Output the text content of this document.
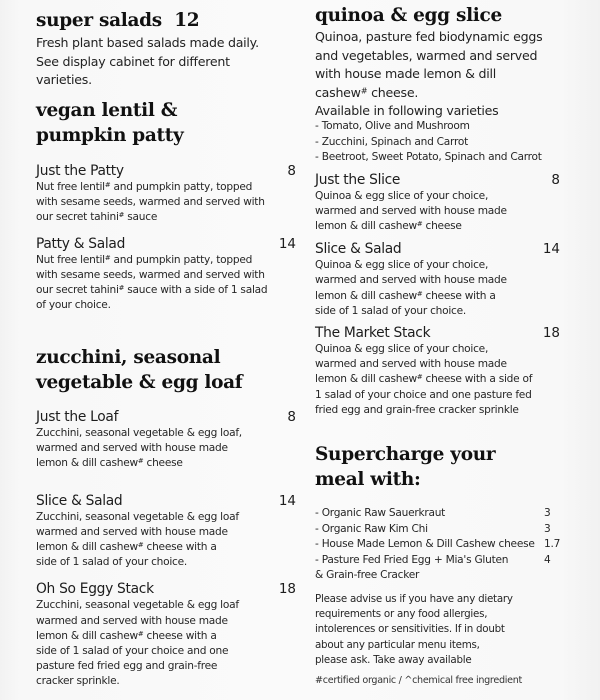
super salads  12
Fresh plant based salads made daily.
See display cabinet for different
varieties.
vegan lentil &
pumpkin patty
Just the Patty	8
Nut free lentil# and pumpkin patty, topped
with sesame seeds, warmed and served with
our secret tahini# sauce
Patty & Salad	14
Nut free lentil# and pumpkin patty, topped
with sesame seeds, warmed and served with
our secret tahini# sauce with a side of 1 salad
of your choice.
zucchini, seasonal
vegetable & egg loaf
Just the Loaf	8
Zucchini, seasonal vegetable & egg loaf,
warmed and served with house made
lemon & dill cashew# cheese
Slice & Salad	14
Zucchini, seasonal vegetable & egg loaf
warmed and served with house made
lemon & dill cashew# cheese with a
side of 1 salad of your choice.
Oh So Eggy Stack	18
Zucchini, seasonal vegetable & egg loaf
warmed and served with house made
lemon & dill cashew# cheese with a
side of 1 salad of your choice and one
pasture fed fried egg and grain-free
cracker sprinkle.
quinoa & egg slice
Quinoa, pasture fed biodynamic eggs
and vegetables, warmed and served
with house made lemon & dill
cashew# cheese.
Available in following varieties
- Tomato, Olive and Mushroom
- Zucchini, Spinach and Carrot
- Beetroot, Sweet Potato, Spinach and Carrot
Just the Slice	8
Quinoa & egg slice of your choice,
warmed and served with house made
lemon & dill cashew# cheese
Slice & Salad	14
Quinoa & egg slice of your choice,
warmed and served with house made
lemon & dill cashew# cheese with a
side of 1 salad of your choice.
The Market Stack	18
Quinoa & egg slice of your choice,
warmed and served with house made
lemon & dill cashew# cheese with a side of
1 salad of your choice and one pasture fed
fried egg and grain-free cracker sprinkle
Supercharge your
meal with:
- Organic Raw Sauerkraut	3
- Organic Raw Kim Chi	3
- House Made Lemon & Dill Cashew cheese 1.7
- Pasture Fed Fried Egg + Mia's Gluten	4
& Grain-free Cracker
Please advise us if you have any dietary
requirements or any food allergies,
intolerences or sensitivities. If in doubt
about any particular menu items,
please ask. Take away available
#certified organic / ^chemical free ingredient
